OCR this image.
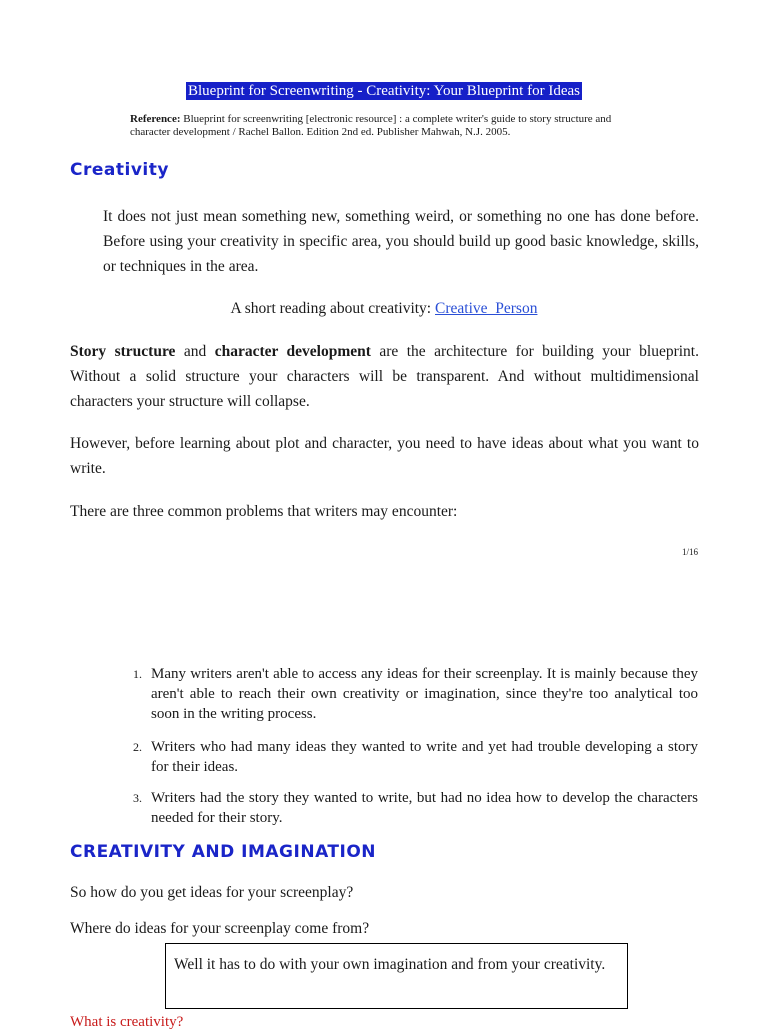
Blueprint for Screenwriting - Creativity: Your Blueprint for Ideas
Reference: Blueprint for screenwriting [electronic resource] : a complete writer's guide to story structure and character development / Rachel Ballon. Edition 2nd ed. Publisher Mahwah, N.J. 2005.
Creativity
It does not just mean something new, something weird, or something no one has done before. Before using your creativity in specific area, you should build up good basic knowledge, skills, or techniques in the area.
A short reading about creativity: Creative_Person
Story structure and character development are the architecture for building your blueprint. Without a solid structure your characters will be transparent. And without multidimensional characters your structure will collapse.
However, before learning about plot and character, you need to have ideas about what you want to write.
There are three common problems that writers may encounter:
1/16
1. Many writers aren't able to access any ideas for their screenplay. It is mainly because they aren't able to reach their own creativity or imagination, since they're too analytical too soon in the writing process.
2. Writers who had many ideas they wanted to write and yet had trouble developing a story for their ideas.
3. Writers had the story they wanted to write, but had no idea how to develop the characters needed for their story.
CREATIVITY AND IMAGINATION
So how do you get ideas for your screenplay?
Where do ideas for your screenplay come from?
Well it has to do with your own imagination and from your creativity.
What is creativity?
